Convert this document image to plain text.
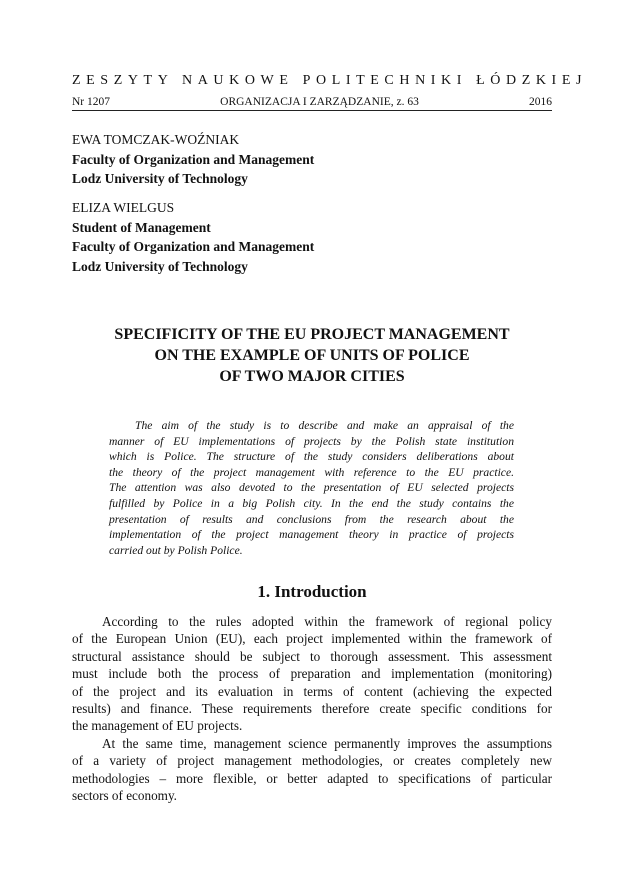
ZESZYTY NAUKOWE POLITECHNIKI ŁÓDZKIEJ
Nr 1207	ORGANIZACJA I ZARZĄDZANIE, z. 63	2016
EWA TOMCZAK-WOŹNIAK
Faculty of Organization and Management
Lodz University of Technology
ELIZA WIELGUS
Student of Management
Faculty of Organization and Management
Lodz University of Technology
SPECIFICITY OF THE EU PROJECT MANAGEMENT
ON THE EXAMPLE OF UNITS OF POLICE
OF TWO MAJOR CITIES
The aim of the study is to describe and make an appraisal of the
manner of EU implementations of projects by the Polish state institution
which is Police. The structure of the study considers deliberations about
the theory of the project management with reference to the EU practice.
The attention was also devoted to the presentation of EU selected projects
fulfilled by Police in a big Polish city. In the end the study contains the
presentation of results and conclusions from the research about the
implementation of the project management theory in practice of projects
carried out by Polish Police.
1. Introduction
According to the rules adopted within the framework of regional policy
of the European Union (EU), each project implemented within the framework of
structural assistance should be subject to thorough assessment. This assessment
must include both the process of preparation and implementation (monitoring)
of the project and its evaluation in terms of content (achieving the expected
results) and finance. These requirements therefore create specific conditions for
the management of EU projects.
At the same time, management science permanently improves the assumptions
of a variety of project management methodologies, or creates completely new
methodologies – more flexible, or better adapted to specifications of particular
sectors of economy.
